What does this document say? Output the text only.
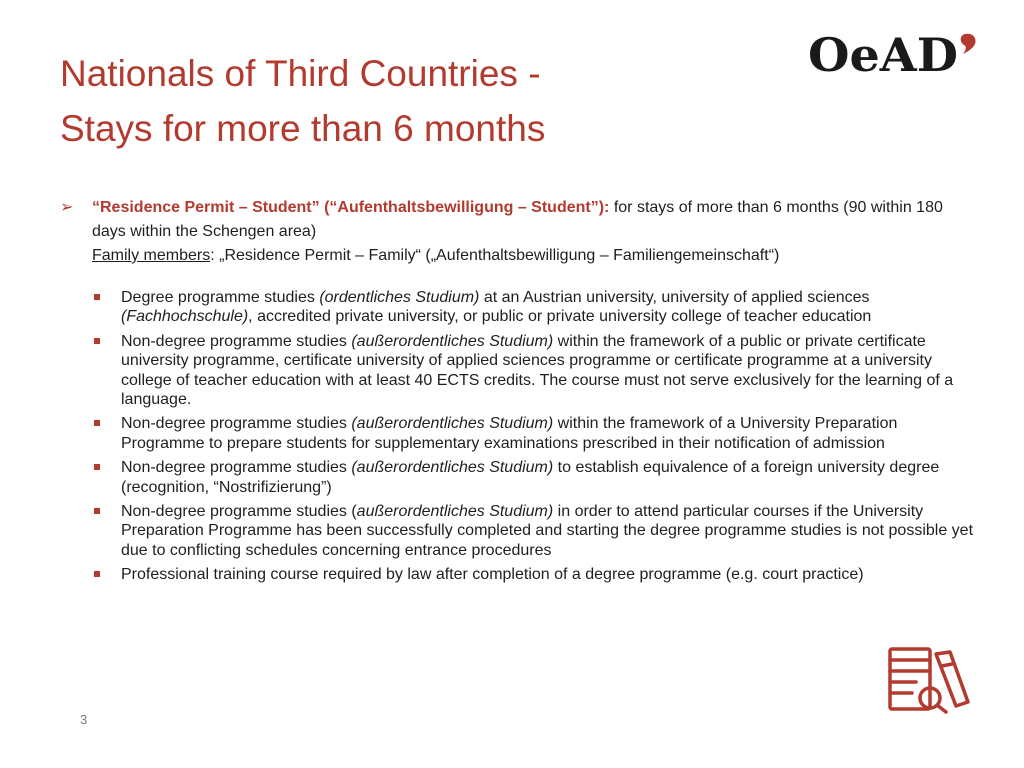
Nationals of Third Countries -
Stays for more than 6 months
OeAD
➢	“Residence Permit – Student” (“Aufenthaltsbewilligung – Student”): for stays of more than 6 months (90 within 180 days within the Schengen area)
Family members: „Residence Permit – Family“ („Aufenthaltsbewilligung – Familiengemeinschaft“)
Degree programme studies (ordentliches Studium) at an Austrian university, university of applied sciences (Fachhochschule), accredited private university, or public or private university college of teacher education
Non-degree programme studies (außerordentliches Studium) within the framework of a public or private certificate university programme, certificate university of applied sciences programme or certificate programme at a university college of teacher education with at least 40 ECTS credits. The course must not serve exclusively for the learning of a language.
Non-degree programme studies (außerordentliches Studium) within the framework of a University Preparation Programme to prepare students for supplementary examinations prescribed in their notification of admission
Non-degree programme studies (außerordentliches Studium) to establish equivalence of a foreign university degree (recognition, “Nostrifizierung”)
Non-degree programme studies (außerordentliches Studium) in order to attend particular courses if the University Preparation Programme has been successfully completed and starting the degree programme studies is not possible yet due to conflicting schedules concerning entrance procedures
Professional training course required by law after completion of a degree programme (e.g. court practice)
3
